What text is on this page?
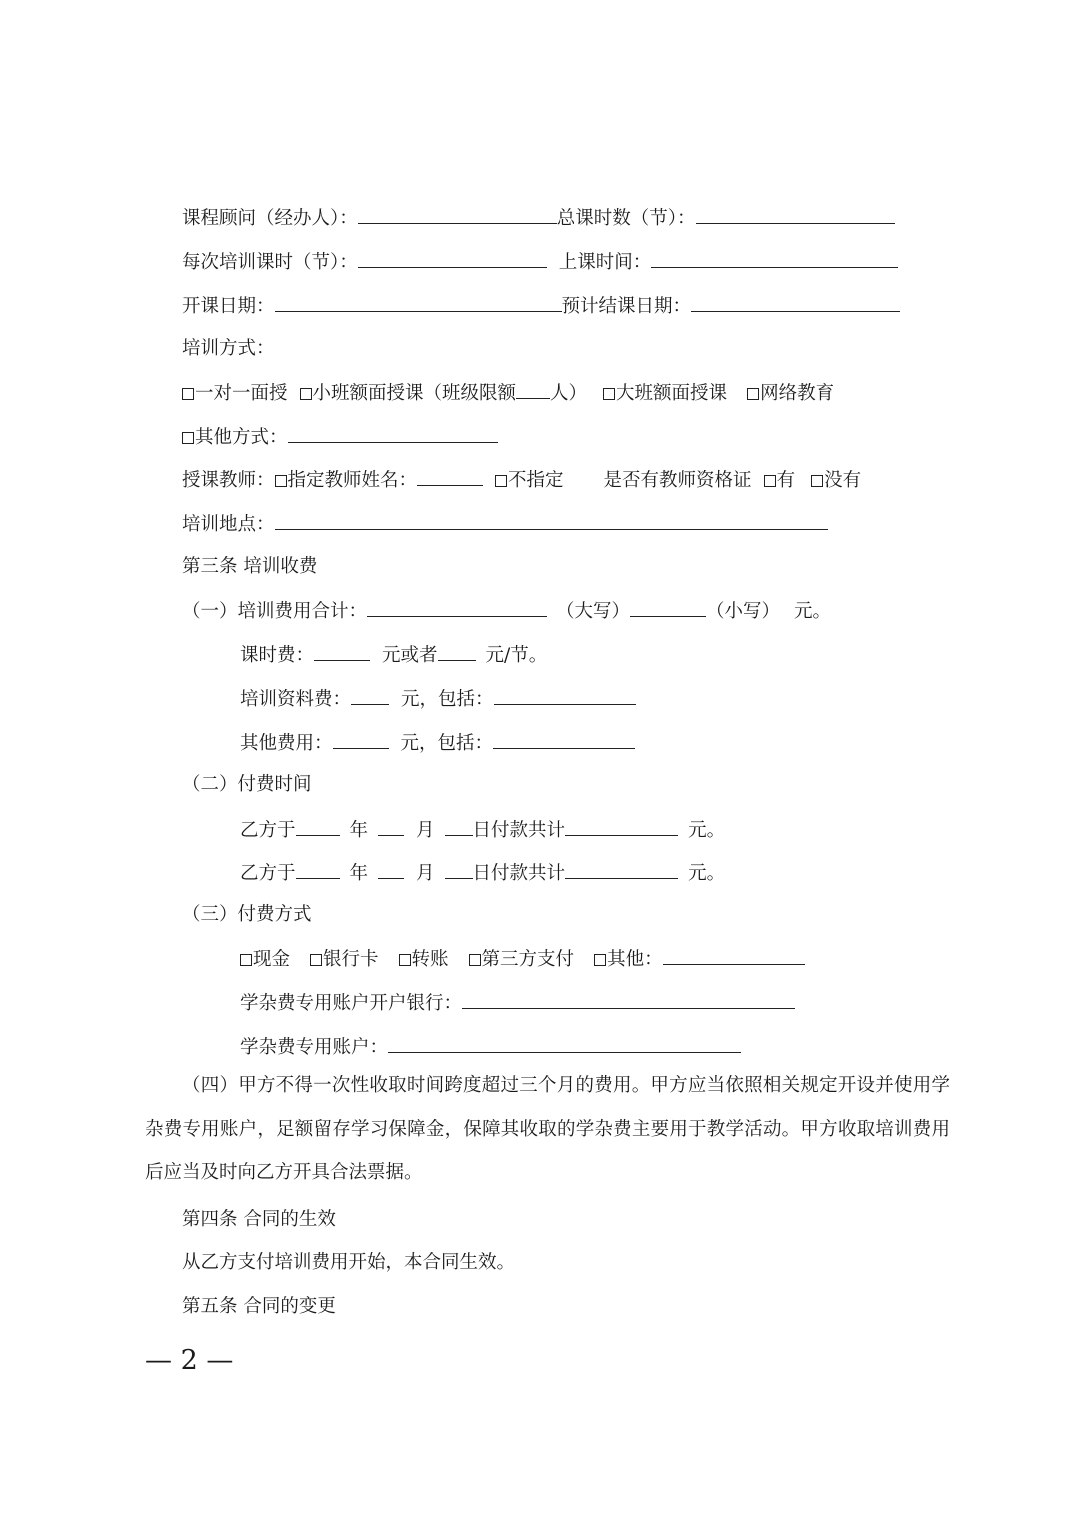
课程顾问（经办人）：	总课时数（节）：
每次培训课时（节）：	上课时间：
开课日期：	预计结课日期：
培训方式：
一对一面授 小班额面授课（班级限额 人） 大班额面授课 网络教育
其他方式：
授课教师： 指定教师姓名：	不指定 是否有教师资格证 有 没有
培训地点：
第三条 培训收费
（一）培训费用合计：	（大写）	（小写） 元。
课时费：	元或者	元/节。
培训资料费：	元，包括：
其他费用：	元，包括：
（二）付费时间
乙方于	年	月 日付款共计	元。
乙方于	年	月 日付款共计	元。
（三）付费方式
现金 银行卡 转账 第三方支付 其他：
学杂费专用账户开户银行：
学杂费专用账户：
（四）甲方不得一次性收取时间跨度超过三个月的费用。甲方应当依照相关规定开设并使用学杂费专用账户，足额留存学习保障金，保障其收取的学杂费主要用于教学活动。甲方收取培训费用后应当及时向乙方开具合法票据。
第四条 合同的生效
从乙方支付培训费用开始，本合同生效。
第五条 合同的变更
— 2 —
